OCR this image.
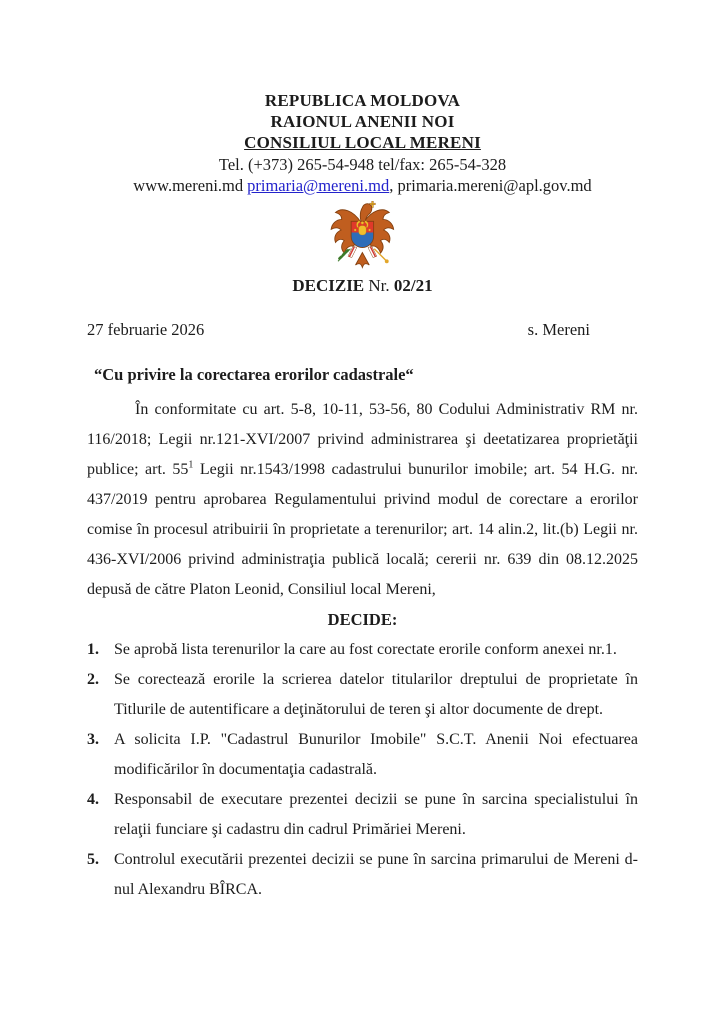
REPUBLICA MOLDOVA
RAIONUL ANENII NOI
CONSILIUL LOCAL MERENI
Tel. (+373) 265-54-948 tel/fax: 265-54-328
www.mereni.md primaria@mereni.md, primaria.mereni@apl.gov.md
DECIZIE Nr. 02/21
27 februarie 2026	s. Mereni
“Cu privire la corectarea erorilor cadastrale“

În conformitate cu art. 5-8, 10-11, 53-56, 80 Codului Administrativ RM nr. 116/2018; Legii nr.121-XVI/2007 privind administrarea şi deetatizarea proprietăţii publice; art. $55^1$ Legii nr.1543/1998 cadastrului bunurilor imobile; art. 54 H.G. nr. 437/2019 pentru aprobarea Regulamentului privind modul de corectare a erorilor comise în procesul atribuirii în proprietate a terenurilor; art. 14 alin.2, lit.(b) Legii nr. 436-XVI/2006 privind administraţia publică locală; cererii nr. 639 din 08.12.2025 depusă de către Platon Leonid, Consiliul local Mereni,

DECIDE:
1. Se aprobă lista terenurilor la care au fost corectate erorile conform anexei nr.1.
2. Se corectează erorile la scrierea datelor titularilor dreptului de proprietate în Titlurile de autentificare a deţinătorului de teren şi altor documente de drept.
3. A solicita I.P. "Cadastrul Bunurilor Imobile" S.C.T. Anenii Noi efectuarea modificărilor în documentaţia cadastrală.
4. Responsabil de executare prezentei decizii se pune în sarcina specialistului în relaţii funciare şi cadastru din cadrul Primăriei Mereni.
5. Controlul executării prezentei decizii se pune în sarcina primarului de Mereni d-nul Alexandru BÎRCA.
